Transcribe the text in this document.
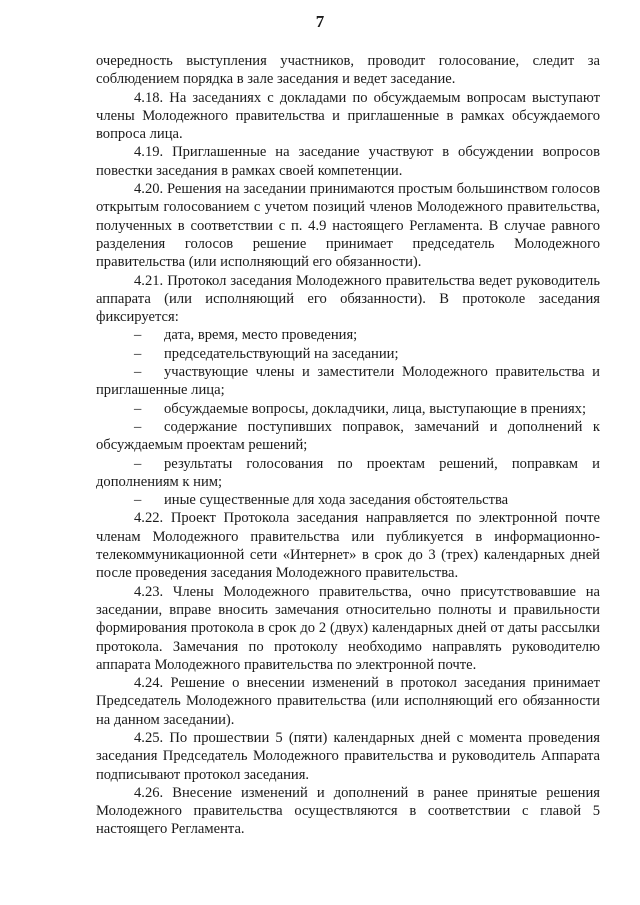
7

очередность выступления участников, проводит голосование, следит за соблюдением порядка в зале заседания и ведет заседание.

4.18. На заседаниях с докладами по обсуждаемым вопросам выступают члены Молодежного правительства и приглашенные в рамках обсуждаемого вопроса лица.

4.19. Приглашенные на заседание участвуют в обсуждении вопросов повестки заседания в рамках своей компетенции.

4.20. Решения на заседании принимаются простым большинством голосов открытым голосованием с учетом позиций членов Молодежного правительства, полученных в соответствии с п. 4.9 настоящего Регламента. В случае равного разделения голосов решение принимает председатель Молодежного правительства (или исполняющий его обязанности).

4.21. Протокол заседания Молодежного правительства ведет руководитель аппарата (или исполняющий его обязанности). В протоколе заседания фиксируется:

– дата, время, место проведения;

– председательствующий на заседании;

– участвующие члены и заместители Молодежного правительства и приглашенные лица;

– обсуждаемые вопросы, докладчики, лица, выступающие в прениях;

– содержание поступивших поправок, замечаний и дополнений к обсуждаемым проектам решений;

– результаты голосования по проектам решений, поправкам и дополнениям к ним;

– иные существенные для хода заседания обстоятельства

4.22. Проект Протокола заседания направляется по электронной почте членам Молодежного правительства или публикуется в информационно-телекоммуникационной сети «Интернет» в срок до 3 (трех) календарных дней после проведения заседания Молодежного правительства.

4.23. Члены Молодежного правительства, очно присутствовавшие на заседании, вправе вносить замечания относительно полноты и правильности формирования протокола в срок до 2 (двух) календарных дней от даты рассылки протокола. Замечания по протоколу необходимо направлять руководителю аппарата Молодежного правительства по электронной почте.

4.24. Решение о внесении изменений в протокол заседания принимает Председатель Молодежного правительства (или исполняющий его обязанности на данном заседании).

4.25. По прошествии 5 (пяти) календарных дней с момента проведения заседания Председатель Молодежного правительства и руководитель Аппарата подписывают протокол заседания.

4.26. Внесение изменений и дополнений в ранее принятые решения Молодежного правительства осуществляются в соответствии с главой 5 настоящего Регламента.
